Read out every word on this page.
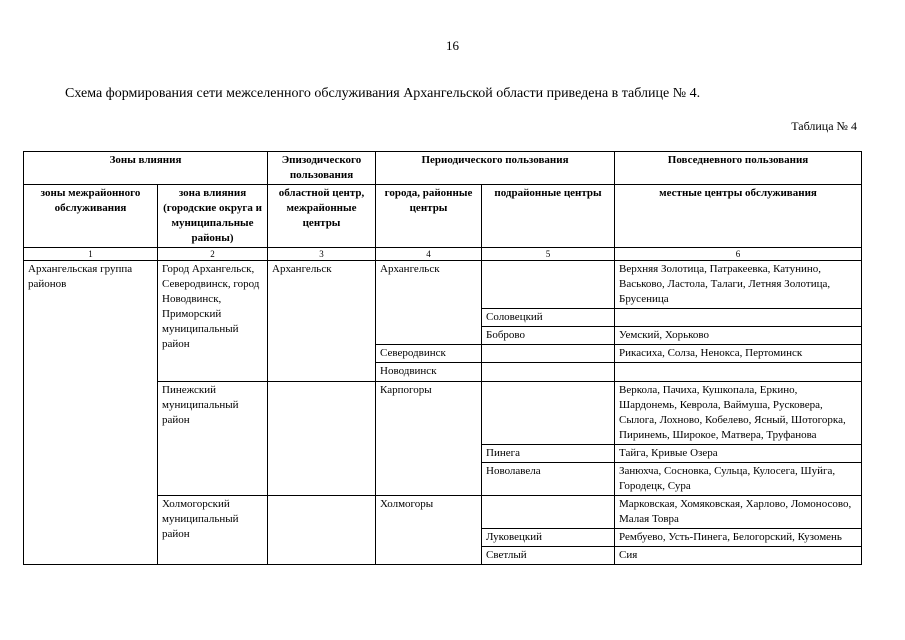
16
Схема формирования сети межселенного обслуживания Архангельской области приведена в таблице № 4.
Таблица № 4
Зоны влияния		Эпизодического пользования	Периодического пользования		Повседневного пользования
зоны межрайонного обслуживания	зона влияния (городские округа и муниципальные районы)	областной центр, межрайонные центры	города, районные центры	подрайонные центры	местные центры обслуживания
1	2	3	4	5	6
Архангельская группа районов	Город Архангельск, Северодвинск, город Новодвинск, Приморский муниципальный район	Архангельск	Архангельск		Верхняя Золотица, Патракеевка, Катунино, Васьково, Ластола, Талаги, Летняя Золотица, Брусеница
				Соловецкий	
				Боброво	Уемский, Хорьково
			Северодвинск		Рикасиха, Солза, Ненокса, Пертоминск
			Новодвинск		

	Пинежский муниципальный район		Карпогоры		Веркола, Пачиха, Кушкопала, Еркино, Шардонемь, Кеврола, Ваймуша, Русковера, Сылога, Лохново, Кобелево, Ясный, Шотогорка, Пиринемь, Широкое, Матвера, Труфанова
				Пинега	Тайга, Кривые Озера
				Новолавела	Занюхча, Сосновка, Сульца, Кулосега, Шуйга, Городецк, Сура
	Холмогорский муниципальный район		Холмогоры		Марковская, Хомяковская, Харлово, Ломоносово, Малая Товра
				Луковецкий	Рембуево, Усть-Пинега, Белогорский, Кузомень
				Светлый	Сия
